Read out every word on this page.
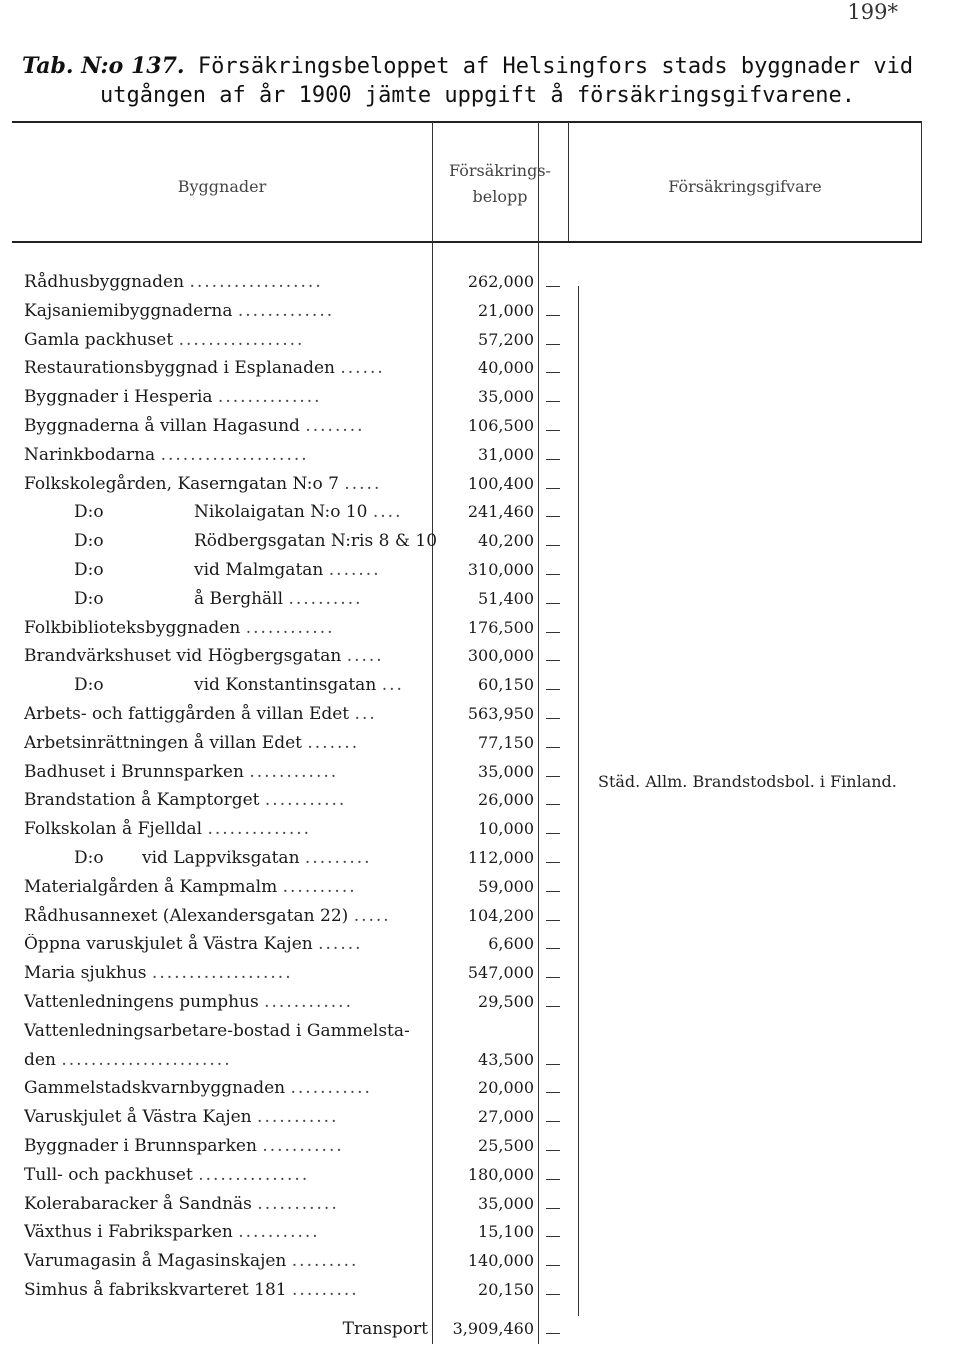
199*
Tab. N:o 137. Försäkringsbeloppet af Helsingfors stads byggnader vid
utgången af år 1900 jämte uppgift å försäkringsgifvarene.
Byggnader
Försäkrings-
belopp
Försäkringsgifvare
Rådhusbyggnaden ..................	262,000
Kajsaniemibyggnaderna .............	21,000
Gamla packhuset .................	57,200
Restaurationsbyggnad i Esplanaden ......	40,000
Byggnader i Hesperia ..............	35,000
Byggnaderna å villan Hagasund ........	106,500
Narinkbodarna ....................	31,000
Folkskolegården, Kaserngatan N:o 7 .....	100,400
D:o	Nikolaigatan N:o 10 ....	241,460
D:o	Rödbergsgatan N:ris 8 & 10	40,200
D:o	vid Malmgatan .......	310,000
D:o	å Berghäll ..........	51,400
Folkbiblioteksbyggnaden ............	176,500
Brandvärkshuset vid Högbergsgatan .....	300,000
D:o	vid Konstantinsgatan ...	60,150
Arbets- och fattiggården å villan Edet ...	563,950
Arbetsinrättningen å villan Edet .......	77,150
Badhuset i Brunnsparken ............	35,000
Brandstation å Kamptorget ...........	26,000
Folkskolan å Fjelldal ..............	10,000
D:o vid Lappviksgatan .........	112,000
Materialgården å Kampmalm ..........	59,000
Rådhusannexet (Alexandersgatan 22) .....	104,200
Öppna varuskjulet å Västra Kajen ......	6,600
Maria sjukhus ...................	547,000
Vattenledningens pumphus ............	29,500
Vattenledningsarbetare-bostad i Gammelsta-
den .......................	43,500
Gammelstadskvarnbyggnaden ...........	20,000
Varuskjulet å Västra Kajen ...........	27,000
Byggnader i Brunnsparken ...........	25,500
Tull- och packhuset ...............	180,000
Kolerabaracker å Sandnäs ...........	35,000
Växthus i Fabriksparken ...........	15,100
Varumagasin å Magasinskajen .........	140,000
Simhus å fabrikskvarteret 181 .........	20,150
Städ. Allm. Brandstodsbol. i Finland.
Transport	3,909,460
